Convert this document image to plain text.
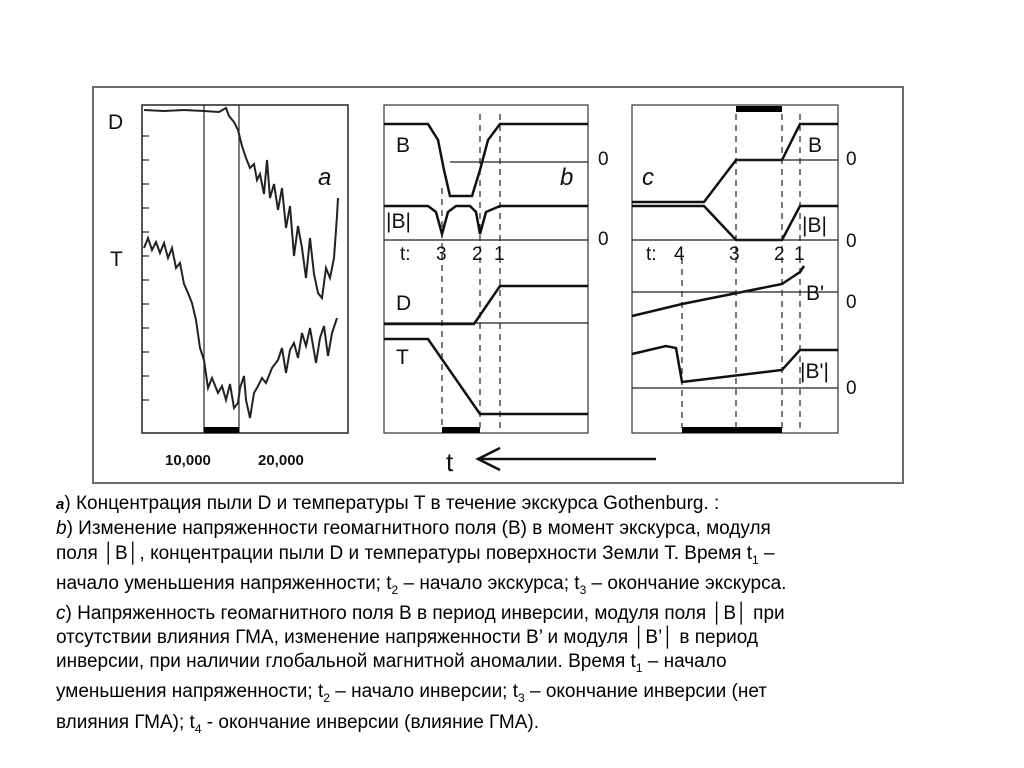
D
T
a
10,000	20,000
B
|B|
D
T
b
t: 3 2 1
0
0
c
B
|B|
B'
|B'|
t: 4 3 2 1
0
0
0
0
t

a) Концентрация пыли D и температуры T в течение экскурса Gothenburg. :

b) Изменение напряженности геомагнитного поля (B) в момент экскурса, модуля

поля │B│, концентрации пыли D и температуры поверхности Земли T. Время $t_1$ –

начало уменьшения напряженности; $t_2$ – начало экскурса; $t_3$ – окончание экскурса.

c) Напряженность геомагнитного поля B в период инверсии, модуля поля │B│ при

отсутствии влияния ГМА, изменение напряженности B’ и модуля │B’│ в период

инверсии, при наличии глобальной магнитной аномалии. Время $t_1$ – начало

уменьшения напряженности; $t_2$ – начало инверсии; $t_3$ – окончание инверсии (нет

влияния ГМА); $t_4$ - окончание инверсии (влияние ГМА).
